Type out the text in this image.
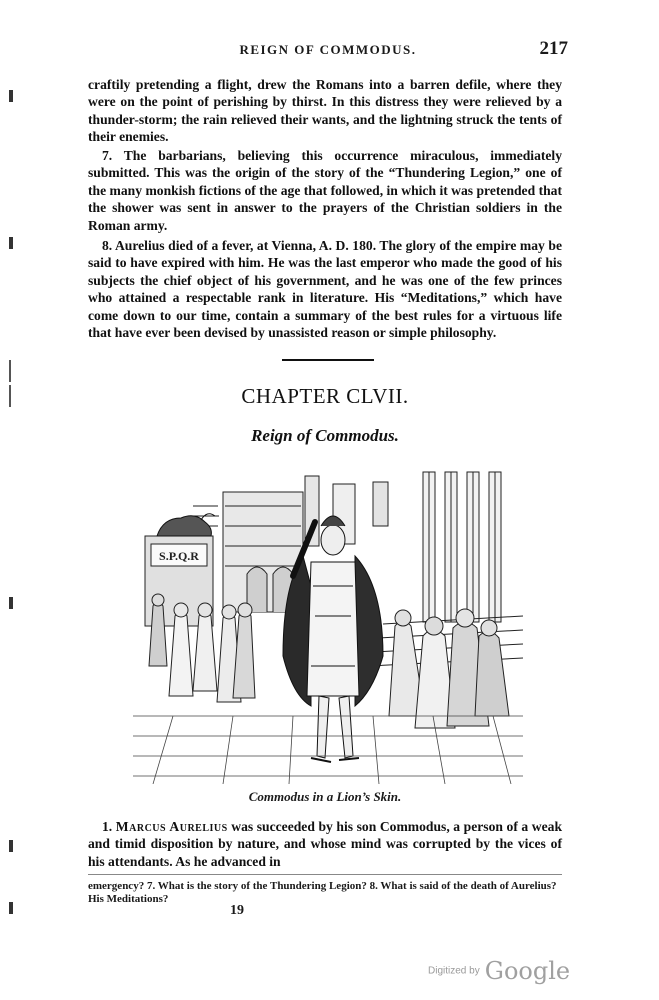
REIGN OF COMMODUS.	217

craftily pretending a flight, drew the Romans into a barren defile, where they were on the point of perishing by thirst. In this distress they were relieved by a thunder-storm; the rain relieved their wants, and the lightning struck the tents of their enemies.

7. The barbarians, believing this occurrence miraculous, immediately submitted. This was the origin of the story of the “Thundering Legion,” one of the many monkish fictions of the age that followed, in which it was pretended that the shower was sent in answer to the prayers of the Christian soldiers in the Roman army.

8. Aurelius died of a fever, at Vienna, A. D. 180. The glory of the empire may be said to have expired with him. He was the last emperor who made the good of his subjects the chief object of his government, and he was one of the few princes who attained a respectable rank in literature. His “Meditations,” which have come down to our time, contain a summary of the best rules for a virtuous life that have ever been devised by unassisted reason or simple philosophy.

CHAPTER CLVII.
Reign of Commodus.
S.P.Q.R
Commodus in a Lion’s Skin.

1. Marcus Aurelius was succeeded by his son Commodus, a person of a weak and timid disposition by nature, and whose mind was corrupted by the vices of his attendants. As he advanced in

emergency? 7. What is the story of the Thundering Legion? 8. What is said of the death of Aurelius? His Meditations?
19
Digitized by Google
